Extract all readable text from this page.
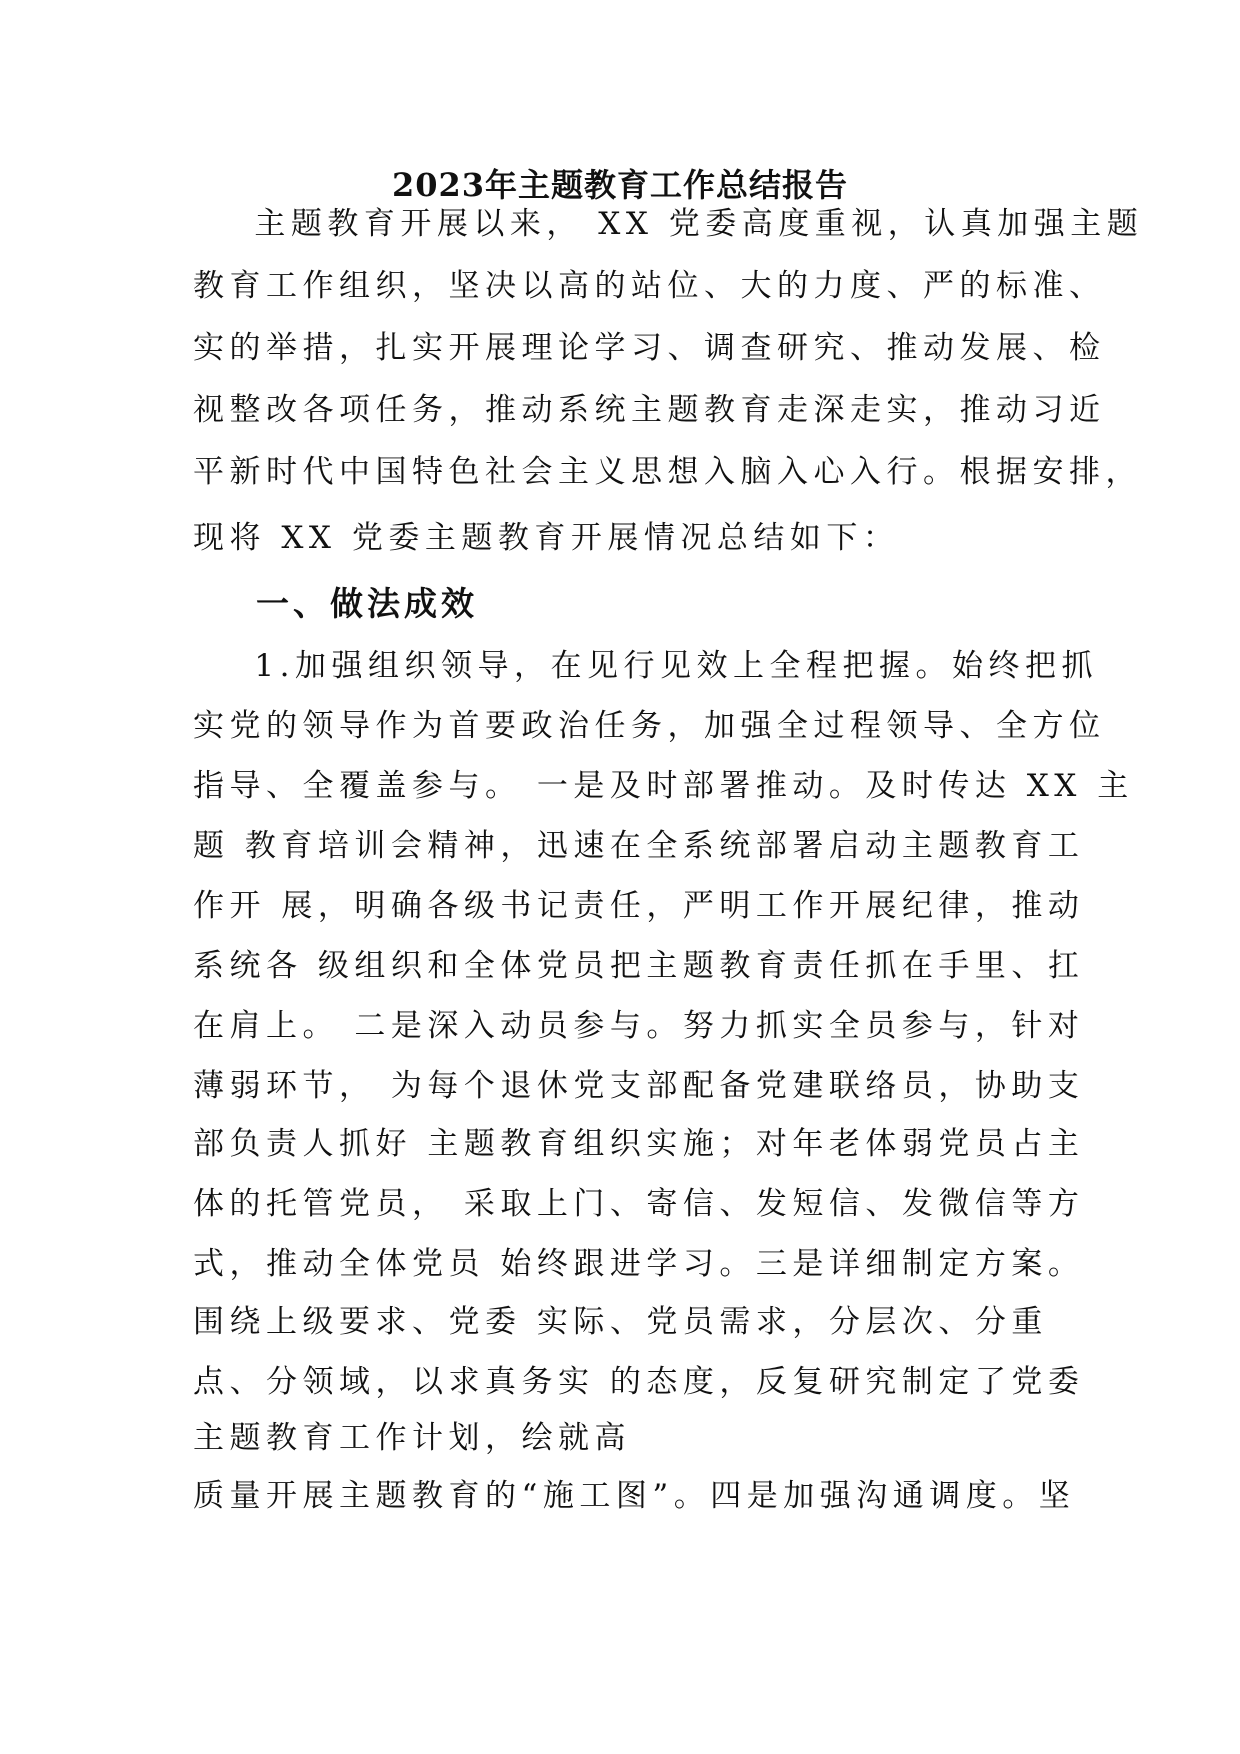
2023年主题教育工作总结报告
主题教育开展以来， XX 党委高度重视，认真加强主题
教育工作组织，坚决以高的站位、大的力度、严的标准、
实的举措，扎实开展理论学习、调查研究、推动发展、检
视整改各项任务，推动系统主题教育走深走实，推动习近
平新时代中国特色社会主义思想入脑入心入行。根据安排，
现将 XX 党委主题教育开展情况总结如下：
一、做法成效
1.加强组织领导，在见行见效上全程把握。始终把抓
实党的领导作为首要政治任务，加强全过程领导、全方位
指导、全覆盖参与。 一是及时部署推动。及时传达 XX 主
题 教育培训会精神，迅速在全系统部署启动主题教育工
作开 展，明确各级书记责任，严明工作开展纪律，推动
系统各 级组织和全体党员把主题教育责任抓在手里、扛
在肩上。 二是深入动员参与。努力抓实全员参与，针对
薄弱环节， 为每个退休党支部配备党建联络员，协助支
部负责人抓好 主题教育组织实施；对年老体弱党员占主
体的托管党员， 采取上门、寄信、发短信、发微信等方
式，推动全体党员 始终跟进学习。三是详细制定方案。
围绕上级要求、党委 实际、党员需求，分层次、分重
点、分领域，以求真务实 的态度，反复研究制定了党委
主题教育工作计划，绘就高
质量开展主题教育的“施工图”。四是加强沟通调度。坚
